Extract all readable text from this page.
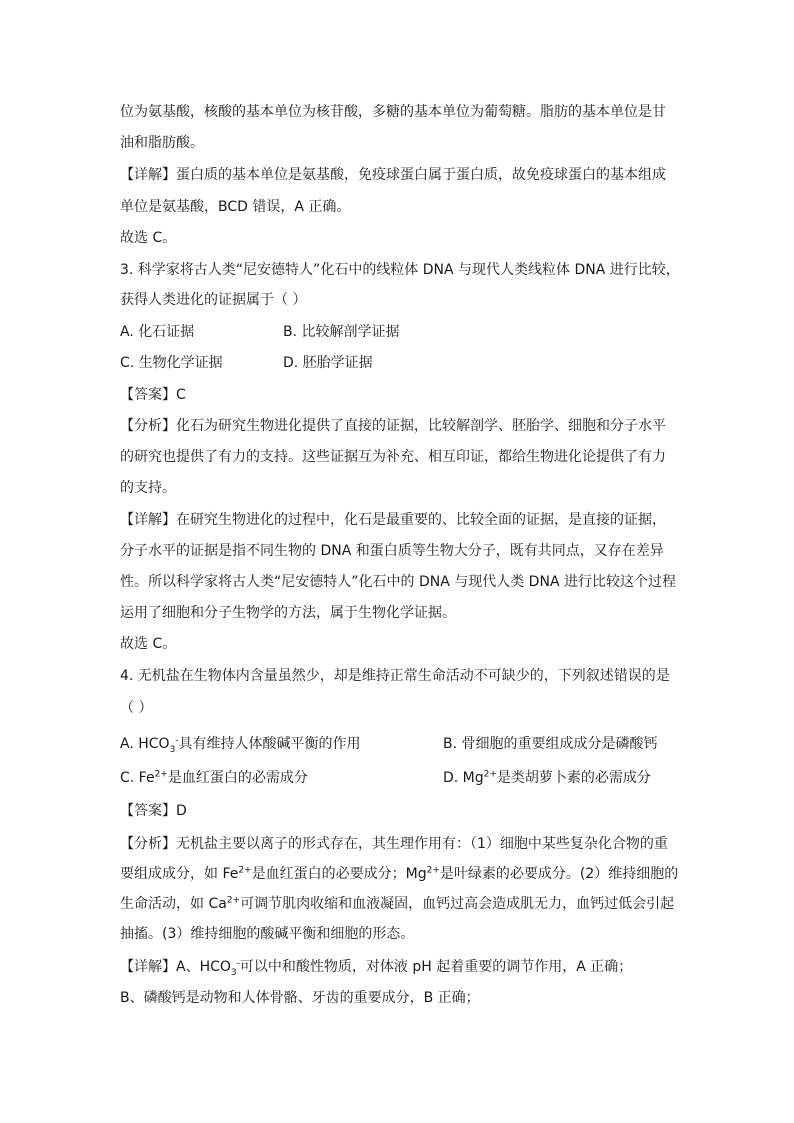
位为氨基酸，核酸的基本单位为核苷酸，多糖的基本单位为葡萄糖。脂肪的基本单位是甘
油和脂肪酸。
【详解】蛋白质的基本单位是氨基酸，免疫球蛋白属于蛋白质，故免疫球蛋白的基本组成
单位是氨基酸，BCD 错误，A 正确。
故选 C。
3. 科学家将古人类“尼安德特人”化石中的线粒体 DNA 与现代人类线粒体 DNA 进行比较，
获得人类进化的证据属于（ ）
A. 化石证据	B. 比较解剖学证据
C. 生物化学证据	D. 胚胎学证据
【答案】C
【分析】化石为研究生物进化提供了直接的证据，比较解剖学、胚胎学、细胞和分子水平
的研究也提供了有力的支持。这些证据互为补充、相互印证，都给生物进化论提供了有力
的支持。
【详解】在研究生物进化的过程中，化石是最重要的、比较全面的证据，是直接的证据，
分子水平的证据是指不同生物的 DNA 和蛋白质等生物大分子，既有共同点，又存在差异
性。所以科学家将古人类“尼安德特人”化石中的 DNA 与现代人类 DNA 进行比较这个过程
运用了细胞和分子生物学的方法，属于生物化学证据。
故选 C。
4. 无机盐在生物体内含量虽然少，却是维持正常生命活动不可缺少的，下列叙述错误的是
（ ）
A. $HCO_3^-$具有维持人体酸碱平衡的作用	B. 骨细胞的重要组成成分是磷酸钙
C. $Fe^{2+}$是血红蛋白的必需成分	D. $Mg^{2+}$是类胡萝卜素的必需成分
【答案】D
【分析】无机盐主要以离子的形式存在，其生理作用有：（1）细胞中某些复杂化合物的重
要组成成分，如 $Fe^{2+}$是血红蛋白的必要成分；$Mg^{2+}$是叶绿素的必要成分。(2）维持细胞的
生命活动，如 $Ca^{2+}$可调节肌肉收缩和血液凝固，血钙过高会造成肌无力，血钙过低会引起
抽搐。(3）维持细胞的酸碱平衡和细胞的形态。
【详解】A、$HCO_3^-$可以中和酸性物质，对体液 pH 起着重要的调节作用，A 正确；
B、磷酸钙是动物和人体骨骼、牙齿的重要成分，B 正确；
